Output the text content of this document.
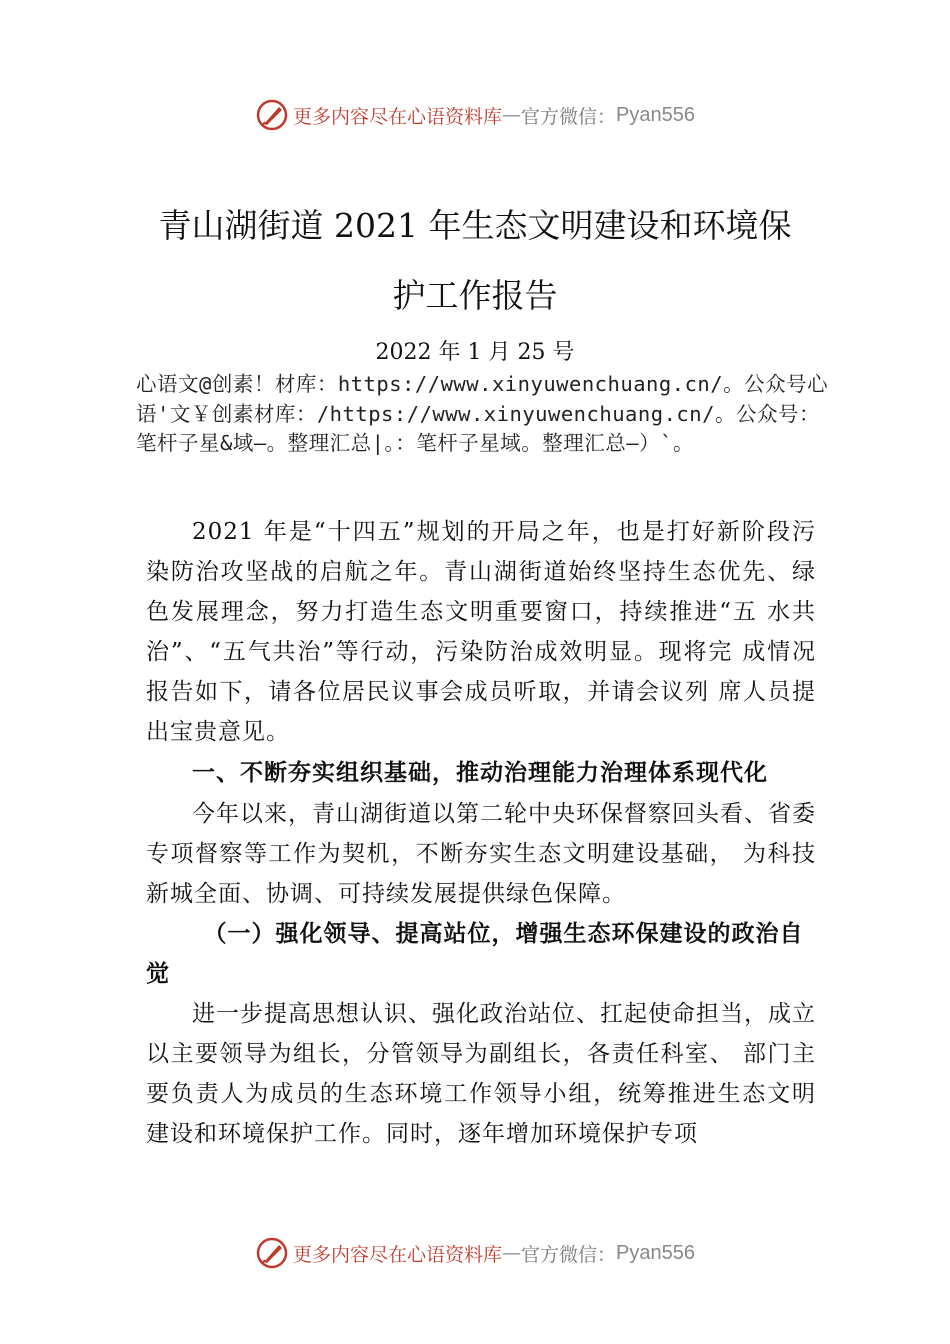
更多内容尽在心语资料库 — 官方微信： Pyan556
青山湖街道 2021 年生态文明建设和环境保
护工作报告
2022 年 1 月 25 号
心语文@创素！材库：https://www.xinyuwenchuang.cn/。公众号心语'文￥创素材库：/https://www.xinyuwenchuang.cn/。公众号：笔杆子星&域—。整理汇总|。：笔杆子星域。整理汇总—）`。

2021 年是“十四五”规划的开局之年，也是打好新阶段污染防治攻坚战的启航之年。青山湖街道始终坚持生态优先、绿色发展理念，努力打造生态文明重要窗口，持续推进“五 水共治”、“五气共治”等行动，污染防治成效明显。现将完 成情况报告如下，请各位居民议事会成员听取，并请会议列 席人员提出宝贵意见。

一、不断夯实组织基础，推动治理能力治理体系现代化

今年以来，青山湖街道以第二轮中央环保督察回头看、省委专项督察等工作为契机，不断夯实生态文明建设基础， 为科技新城全面、协调、可持续发展提供绿色保障。

（一）强化领导、提高站位，增强生态环保建设的政治自觉

进一步提高思想认识、强化政治站位、扛起使命担当，成立以主要领导为组长，分管领导为副组长，各责任科室、 部门主要负责人为成员的生态环境工作领导小组，统筹推进生态文明建设和环境保护工作。同时，逐年增加环境保护专项

更多内容尽在心语资料库 — 官方微信： Pyan556
